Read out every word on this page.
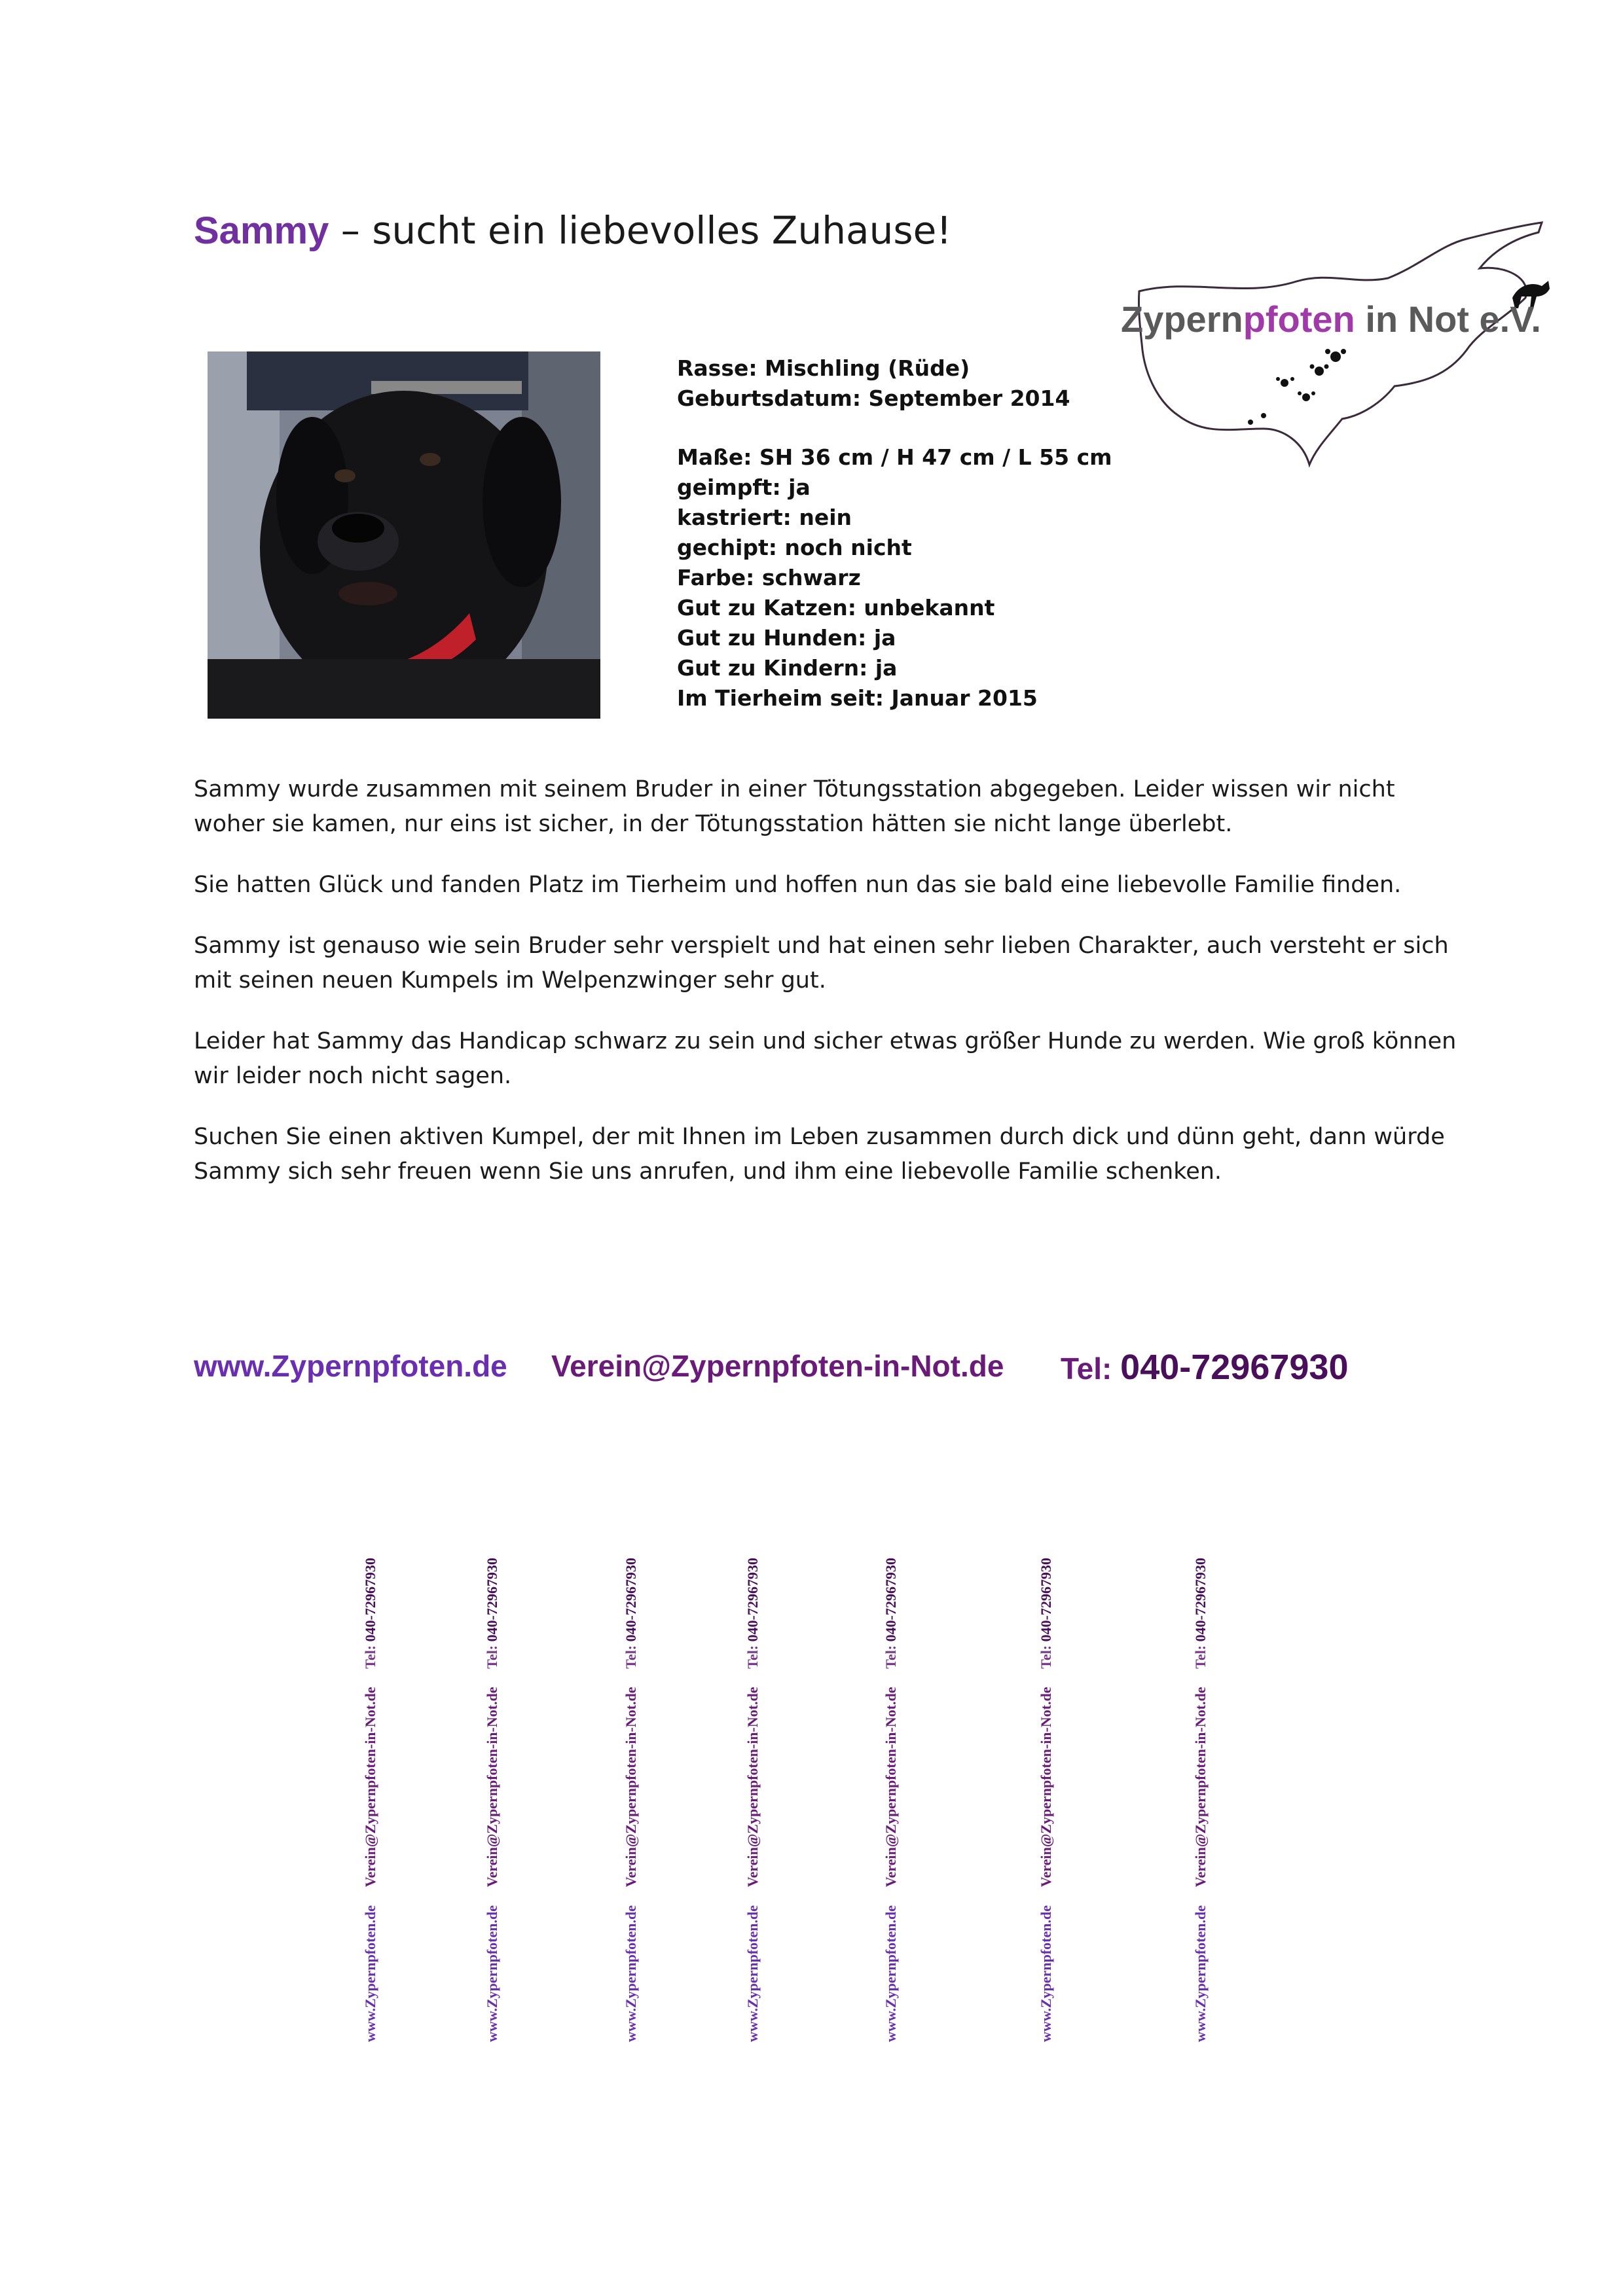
Sammy – sucht ein liebevolles Zuhause!
Zypernpfoten in Not e.V.
Rasse: Mischling (Rüde)
Geburtsdatum: September 2014
Maße: SH 36 cm / H 47 cm / L 55 cm
geimpft: ja
kastriert: nein
gechipt: noch nicht
Farbe: schwarz
Gut zu Katzen: unbekannt
Gut zu Hunden: ja
Gut zu Kindern: ja
Im Tierheim seit: Januar 2015

Sammy wurde zusammen mit seinem Bruder in einer Tötungsstation abgegeben. Leider wissen wir nicht woher sie kamen, nur eins ist sicher, in der Tötungsstation hätten sie nicht lange überlebt.

Sie hatten Glück und fanden Platz im Tierheim und hoffen nun das sie bald eine liebevolle Familie finden.

Sammy ist genauso wie sein Bruder sehr verspielt und hat einen sehr lieben Charakter, auch versteht er sich mit seinen neuen Kumpels im Welpenzwinger sehr gut.

Leider hat Sammy das Handicap schwarz zu sein und sicher etwas größer Hunde zu werden. Wie groß können wir leider noch nicht sagen.

Suchen Sie einen aktiven Kumpel, der mit Ihnen im Leben zusammen durch dick und dünn geht, dann würde Sammy sich sehr freuen wenn Sie uns anrufen, und ihm eine liebevolle Familie schenken.

www.Zypernpfoten.de Verein@Zypernpfoten-in-Not.de Tel: 040-72967930
www.Zypernpfoten.de
Verein@Zypernpfoten-in-Not.de
Tel: 040-72967930
www.Zypernpfoten.de
Verein@Zypernpfoten-in-Not.de
Tel: 040-72967930
www.Zypernpfoten.de
Verein@Zypernpfoten-in-Not.de
Tel: 040-72967930
www.Zypernpfoten.de
Verein@Zypernpfoten-in-Not.de
Tel: 040-72967930
www.Zypernpfoten.de
Verein@Zypernpfoten-in-Not.de
Tel: 040-72967930
www.Zypernpfoten.de
Verein@Zypernpfoten-in-Not.de
Tel: 040-72967930
www.Zypernpfoten.de
Verein@Zypernpfoten-in-Not.de
Tel: 040-72967930
